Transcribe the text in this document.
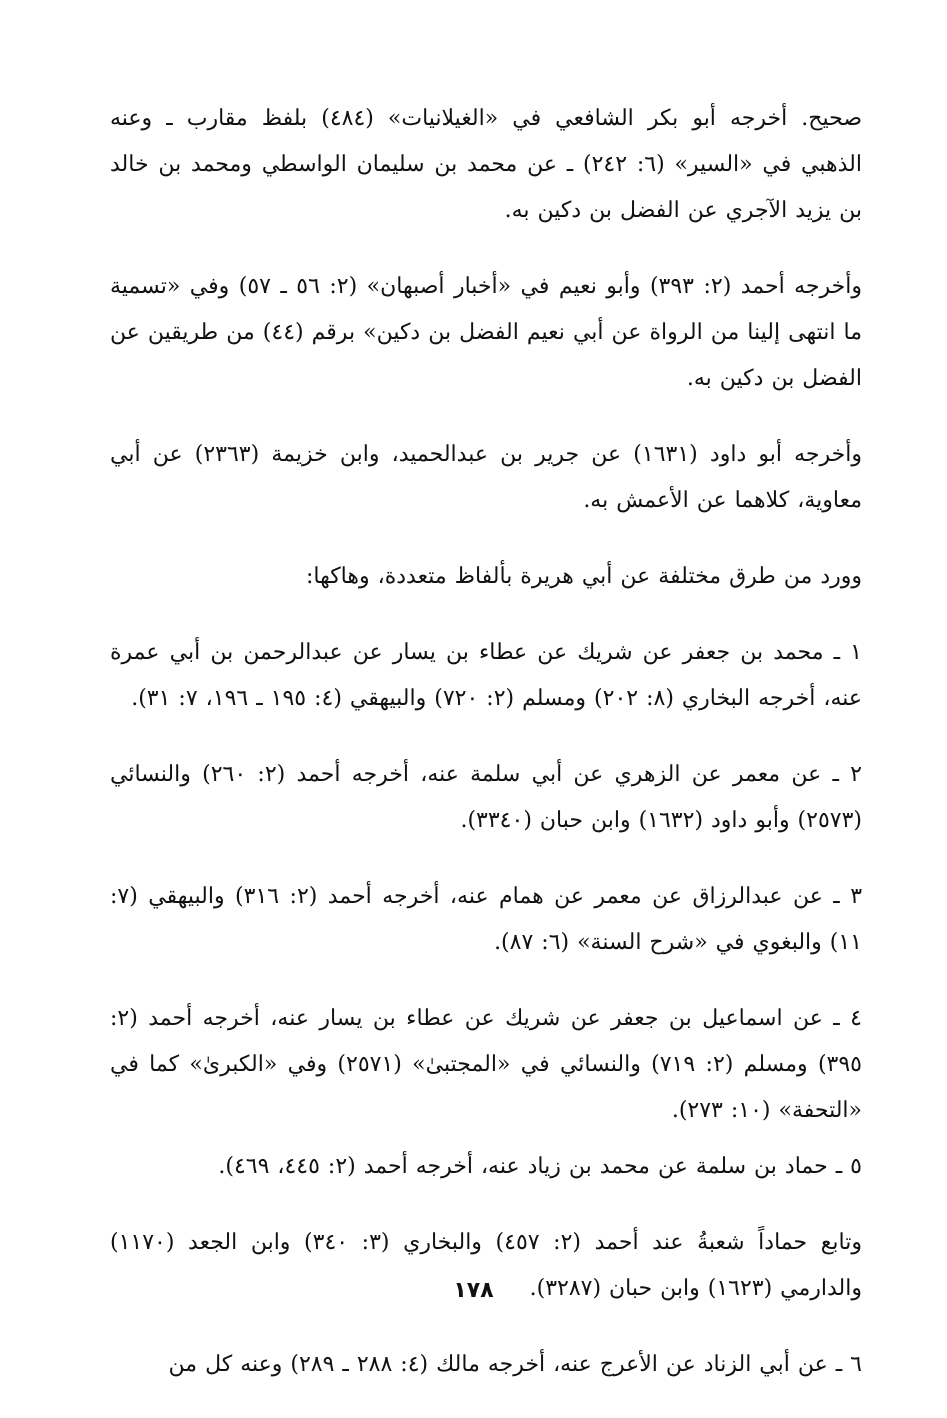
صحيح. أخرجه أبو بكر الشافعي في «الغيلانيات» (٤٨٤) بلفظ مقارب ـ وعنه الذهبي في «السير» (٦: ٢٤٢) ـ عن محمد بن سليمان الواسطي ومحمد بن خالد بن يزيد الآجري عن الفضل بن دكين به.

وأخرجه أحمد (٢: ٣٩٣) وأبو نعيم في «أخبار أصبهان» (٢: ٥٦ ـ ٥٧) وفي «تسمية ما انتهى إلينا من الرواة عن أبي نعيم الفضل بن دكين» برقم (٤٤) من طريقين عن الفضل بن دكين به.

وأخرجه أبو داود (١٦٣١) عن جرير بن عبدالحميد، وابن خزيمة (٢٣٦٣) عن أبي معاوية، كلاهما عن الأعمش به.

وورد من طرق مختلفة عن أبي هريرة بألفاظ متعددة، وهاكها:

١ ـ محمد بن جعفر عن شريك عن عطاء بن يسار عن عبدالرحمن بن أبي عمرة عنه، أخرجه البخاري (٨: ٢٠٢) ومسلم (٢: ٧٢٠) والبيهقي (٤: ١٩٥ ـ ١٩٦، ٧: ٣١).

٢ ـ عن معمر عن الزهري عن أبي سلمة عنه، أخرجه أحمد (٢: ٢٦٠) والنسائي (٢٥٧٣) وأبو داود (١٦٣٢) وابن حبان (٣٣٤٠).

٣ ـ عن عبدالرزاق عن معمر عن همام عنه، أخرجه أحمد (٢: ٣١٦) والبيهقي (٧: ١١) والبغوي في «شرح السنة» (٦: ٨٧).

٤ ـ عن اسماعيل بن جعفر عن شريك عن عطاء بن يسار عنه، أخرجه أحمد (٢: ٣٩٥) ومسلم (٢: ٧١٩) والنسائي في «المجتبىٰ» (٢٥٧١) وفي «الكبرىٰ» كما في «التحفة» (١٠: ٢٧٣).

٥ ـ حماد بن سلمة عن محمد بن زياد عنه، أخرجه أحمد (٢: ٤٤٥، ٤٦٩).

وتابع حماداً شعبةُ عند أحمد (٢: ٤٥٧) والبخاري (٣: ٣٤٠) وابن الجعد (١١٧٠) والدارمي (١٦٢٣) وابن حبان (٣٢٨٧).

٦ ـ عن أبي الزناد عن الأعرج عنه، أخرجه مالك (٤: ٢٨٨ ـ ٢٨٩) وعنه كل من

١٧٨
